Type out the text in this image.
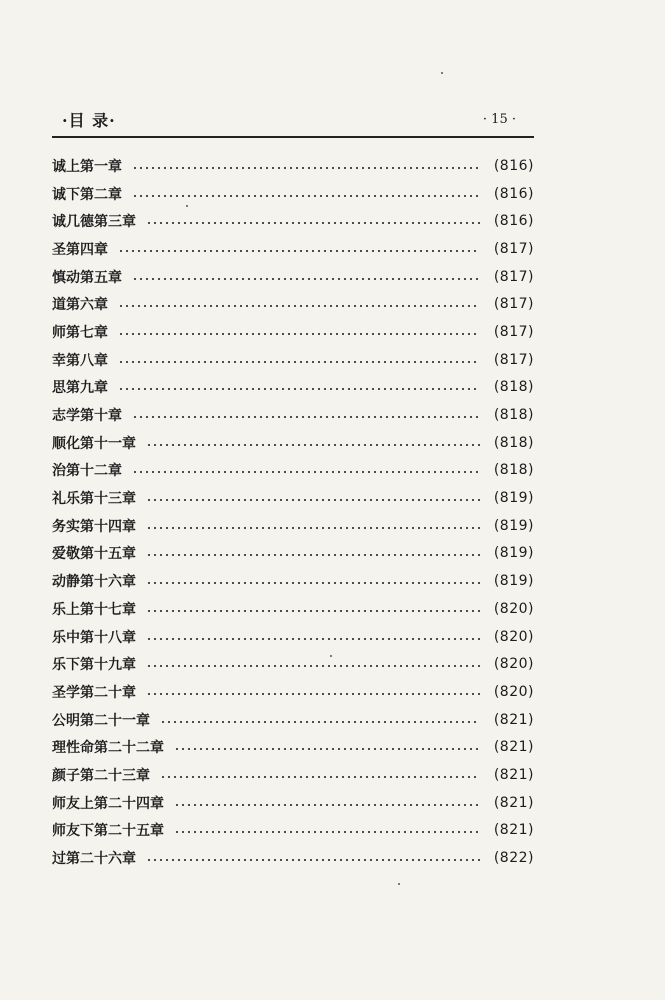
·目 录·	· 15 ·
诚上第一章	(816)
诚下第二章	(816)
诚几德第三章	(816)
圣第四章	(817)
慎动第五章	(817)
道第六章	(817)
师第七章	(817)
幸第八章	(817)
思第九章	(818)
志学第十章	(818)
顺化第十一章	(818)
治第十二章	(818)
礼乐第十三章	(819)
务实第十四章	(819)
爱敬第十五章	(819)
动静第十六章	(819)
乐上第十七章	(820)
乐中第十八章	(820)
乐下第十九章	(820)
圣学第二十章	(820)
公明第二十一章	(821)
理性命第二十二章	(821)
颜子第二十三章	(821)
师友上第二十四章	(821)
师友下第二十五章	(821)
过第二十六章	(822)
